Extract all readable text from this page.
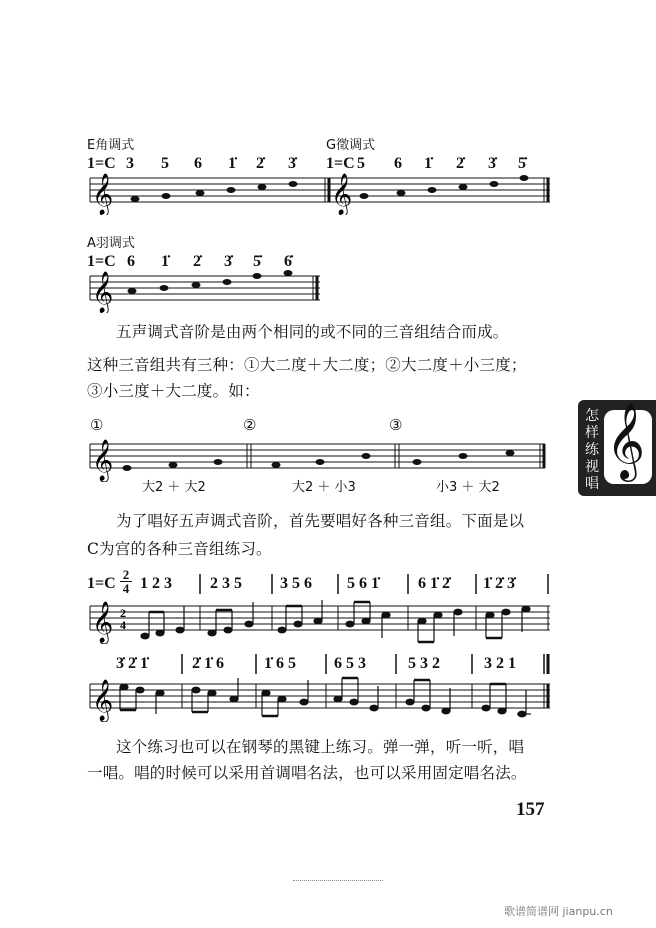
E角调式	G徵调式
1=C	1=C
3 5 6 1̇ 2̇ 3̇	5 6 1̇ 2̇ 3̇ 5̇
𝄞	𝄞
A羽调式
1=C 6 1̇ 2̇ 3̇ 5̇ 6̇
𝄞
五声调式音阶是由两个相同的或不同的三音组结合而成。
这种三音组共有三种：①大二度＋大二度；②大二度＋小三度；
③小三度＋大二度。如：
怎
样
练
视
唱
𝄞
①	②	③
𝄞
大2 ＋ 大2	大2 ＋ 小3	小3 ＋ 大2
为了唱好五声调式音阶，首先要唱好各种三音组。下面是以
C为宫的各种三音组练习。
1=C
2
4 1 2 3 2 3 5 3 5 6 5 6 1̇ 6 1̇ 2̇ 1̇ 2̇ 3̇
𝄞 2
4
3̇ 2̇ 1̇	2̇ 1̇ 6	1̇ 6 5 6 5 3	5 3 2	3 2 1
𝄞
这个练习也可以在钢琴的黑键上练习。弹一弹，听一听，唱
一唱。唱的时候可以采用首调唱名法，也可以采用固定唱名法。
157
歌谱简谱网 jianpu.cn
